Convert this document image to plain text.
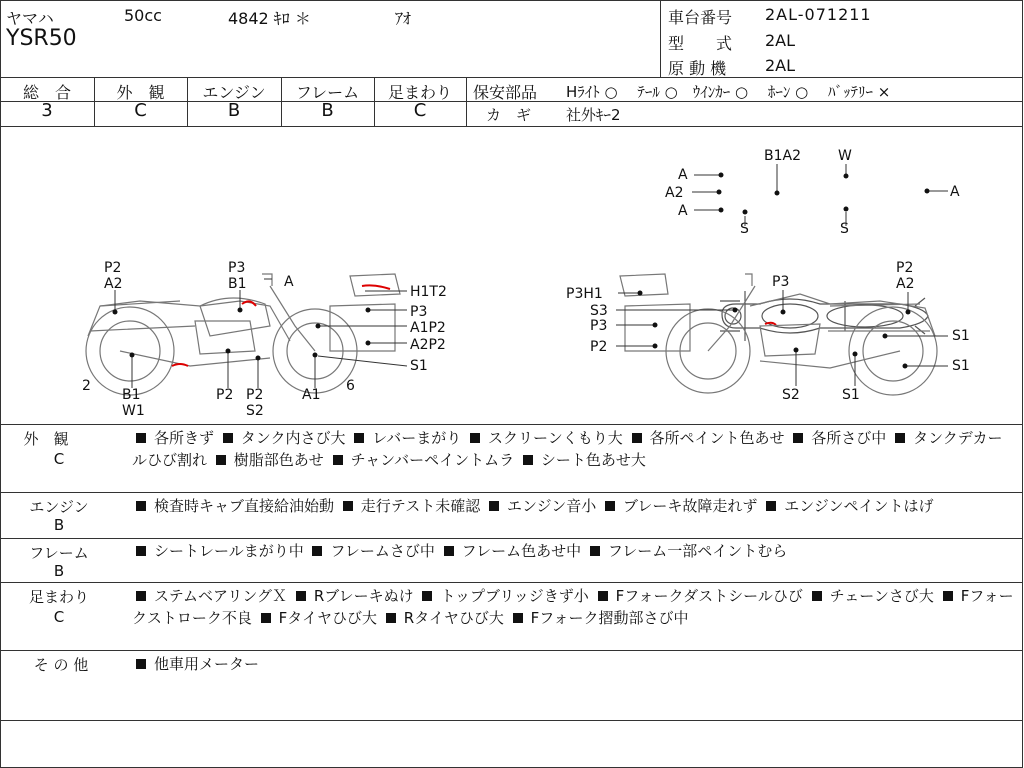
ヤマハ	50cc	4842 ｷﾛ ＊	ｱｵ
YSR50
車台番号 2AL-071211
型　　式 2AL
原 動 機 2AL
総　合
3
外　観
C
エンジン
B
フレーム
B
足まわり
C
保安部品 Hﾗｲﾄ ○　 ﾃｰﾙ ○　ｳｲﾝｶｰ ○　 ﾎｰﾝ ○　 ﾊﾞｯﾃﾘｰ ×
カ　ギ 社外ｷｰ2
B1A2	W
A
A2
A
A
S	S
P2
A2
P3
B1	A
H1T2
P3
A1P2
A2P2
S1
2
B1
W1
P2 P2
S2
A1
6
P3H1
S3
P3
P2
P3
P2
A2
S1
S1
S2	S1
外　観
C
各所きず タンク内さび大 レバーまがり スクリーンくもり大 各所ペイント色あせ 各所さび中 タンクデカールひび割れ 樹脂部色あせ チャンバーペイントムラ シート色あせ大
エンジン
B
検査時キャブ直接給油始動 走行テスト未確認 エンジン音小 ブレーキ故障走れず エンジンペイントはげ
フレーム
B
シートレールまがり中 フレームさび中 フレーム色あせ中 フレーム一部ペイントむら
足まわり
C
ステムベアリングＸ Rブレーキぬけ トップブリッジきず小 Fフォークダストシールひび チェーンさび大 Fフォークストローク不良 Fタイヤひび大 Rタイヤひび大 Fフォーク摺動部さび中
そ の 他	他車用メーター
